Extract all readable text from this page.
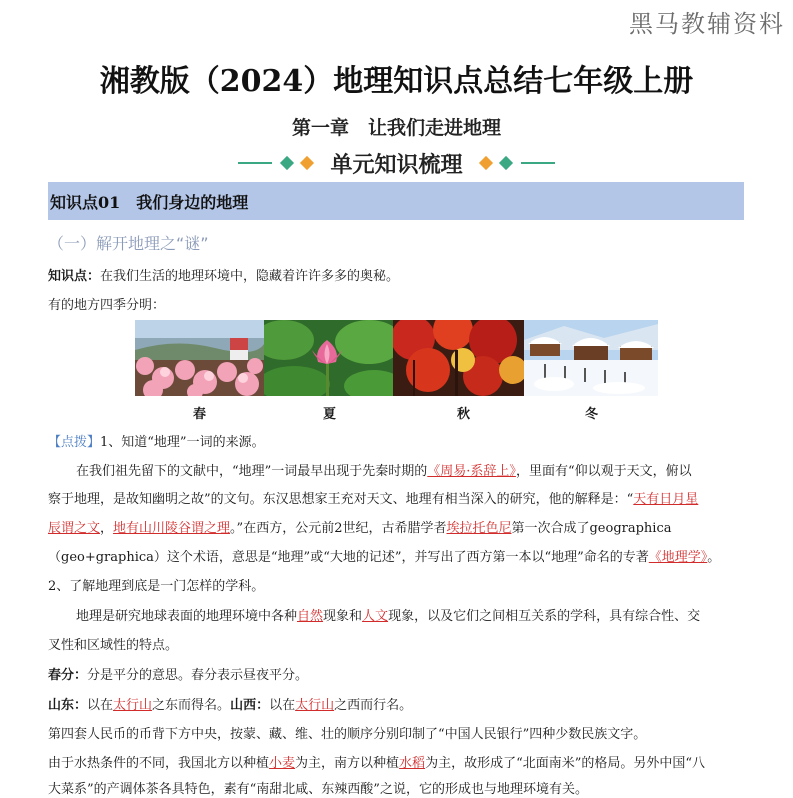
黑马教辅资料
湘教版（2024）地理知识点总结七年级上册
第一章　让我们走进地理
单元知识梳理
知识点01　我们身边的地理
（一）解开地理之“谜”
知识点：在我们生活的地理环境中，隐藏着许许多多的奥秘。
有的地方四季分明：
春	夏	秋	冬
【点拨】1、知道“地理”一词的来源。
在我们祖先留下的文献中，“地理”一词最早出现于先秦时期的《周易·系辞上》，里面有“仰以观于天文，俯以
察于地理，是故知幽明之故”的文句。东汉思想家王充对天文、地理有相当深入的研究，他的解释是：“天有日月星
辰谓之文，地有山川陵谷谓之理。”在西方，公元前2世纪，古希腊学者埃拉托色尼第一次合成了geographica
（geo+graphica）这个术语，意思是“地理”或“大地的记述”，并写出了西方第一本以“地理”命名的专著《地理学》。
2、了解地理到底是一门怎样的学科。
地理是研究地球表面的地理环境中各种自然现象和人文现象，以及它们之间相互关系的学科，具有综合性、交
叉性和区域性的特点。
春分：分是平分的意思。春分表示昼夜平分。
山东：以在太行山之东而得名。山西：以在太行山之西而行名。
第四套人民币的币背下方中央，按蒙、藏、维、壮的顺序分别印制了“中国人民银行”四种少数民族文字。
由于水热条件的不同，我国北方以种植小麦为主，南方以种植水稻为主，故形成了“北面南米”的格局。另外中国“八
大菜系”的产调体茶各具特色，素有“南甜北咸、东辣西酸”之说，它的形成也与地理环境有关。
